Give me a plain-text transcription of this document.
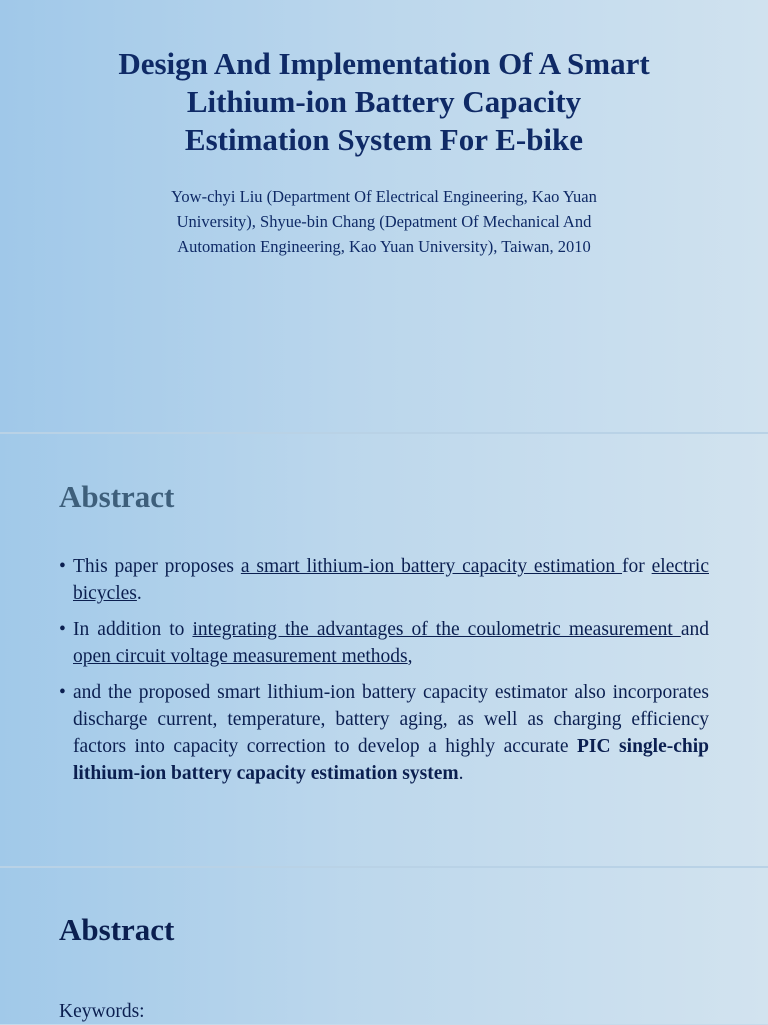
Design And Implementation Of A Smart
Lithium-ion Battery Capacity
Estimation System For E-bike

Yow-chyi Liu (Department Of Electrical Engineering, Kao Yuan
University), Shyue-bin Chang (Depatment Of Mechanical And
Automation Engineering, Kao Yuan University), Taiwan, 2010

Abstract
• This paper proposes a smart lithium-ion battery capacity estimation for electric bicycles.
• In addition to integrating the advantages of the coulometric measurement and open circuit voltage measurement methods,
• and the proposed smart lithium-ion battery capacity estimator also incorporates discharge current, temperature, battery aging, as well as charging efficiency factors into capacity correction to develop a highly accurate PIC single-chip lithium-ion battery capacity estimation system.
Abstract

Keywords:
